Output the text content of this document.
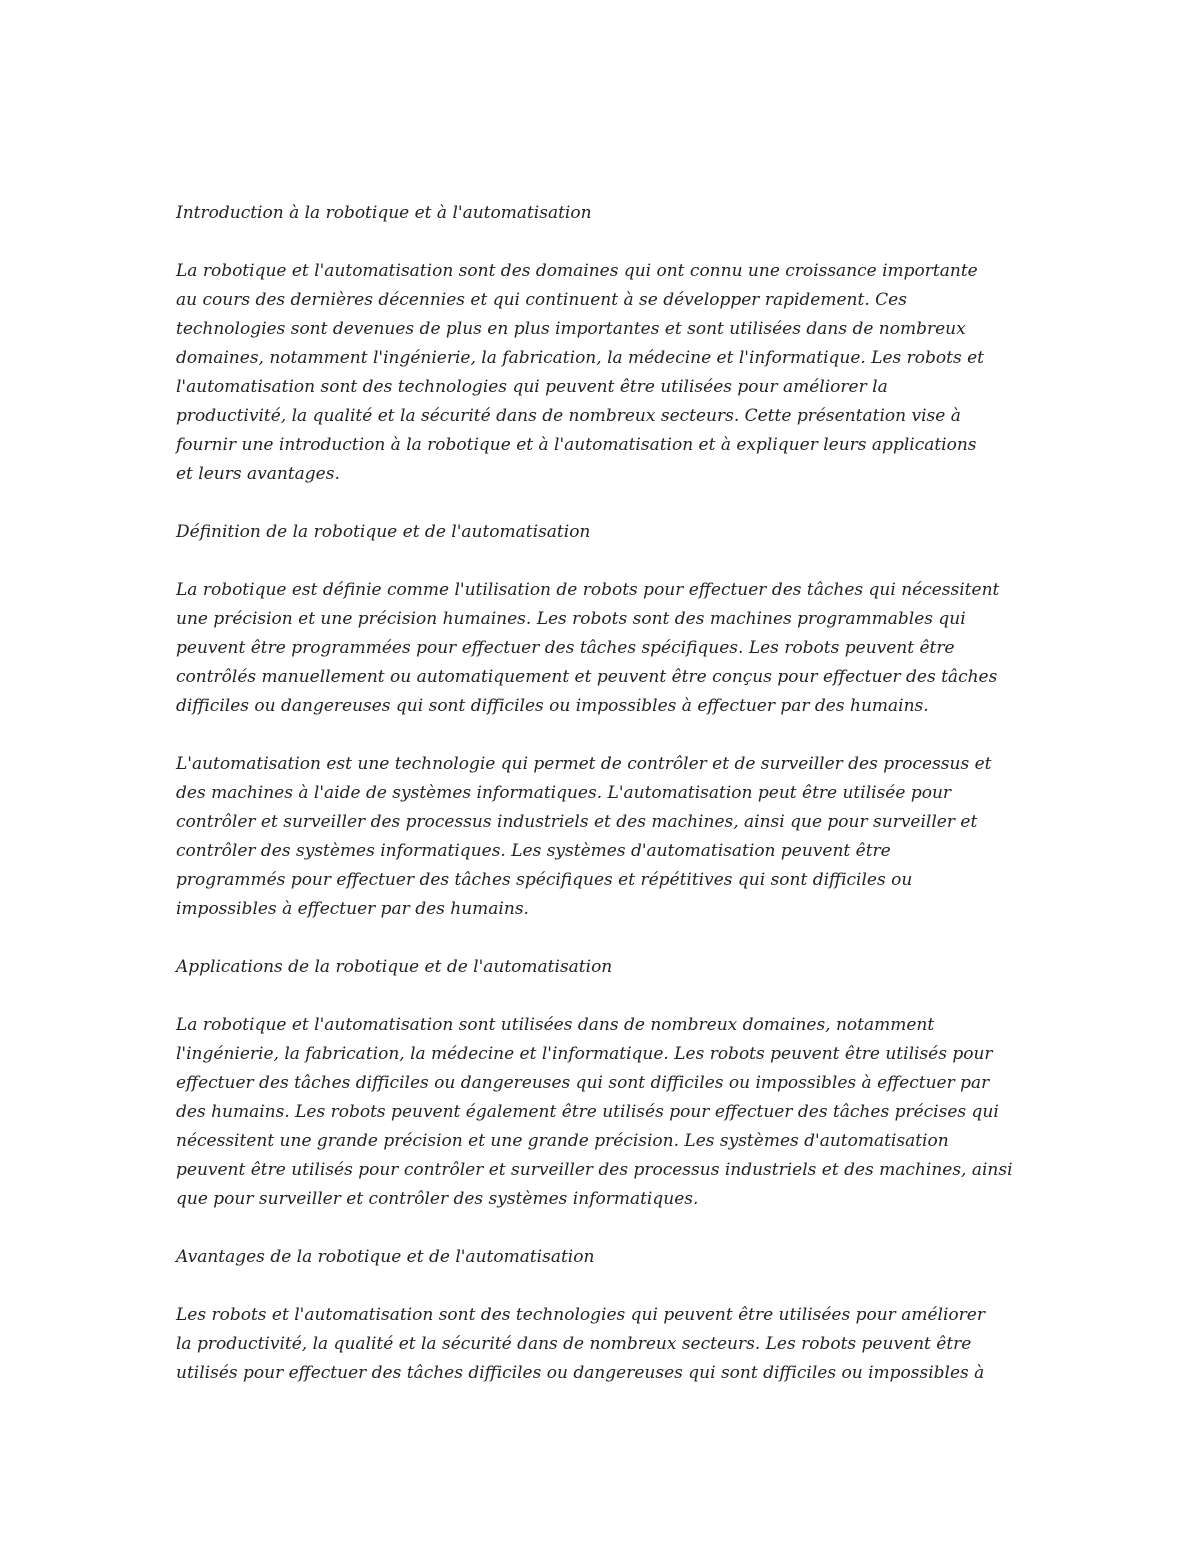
Introduction à la robotique et à l'automatisation
La robotique et l'automatisation sont des domaines qui ont connu une croissance importante
au cours des dernières décennies et qui continuent à se développer rapidement. Ces
technologies sont devenues de plus en plus importantes et sont utilisées dans de nombreux
domaines, notamment l'ingénierie, la fabrication, la médecine et l'informatique. Les robots et
l'automatisation sont des technologies qui peuvent être utilisées pour améliorer la
productivité, la qualité et la sécurité dans de nombreux secteurs. Cette présentation vise à
fournir une introduction à la robotique et à l'automatisation et à expliquer leurs applications
et leurs avantages.
Définition de la robotique et de l'automatisation
La robotique est définie comme l'utilisation de robots pour effectuer des tâches qui nécessitent
une précision et une précision humaines. Les robots sont des machines programmables qui
peuvent être programmées pour effectuer des tâches spécifiques. Les robots peuvent être
contrôlés manuellement ou automatiquement et peuvent être conçus pour effectuer des tâches
difficiles ou dangereuses qui sont difficiles ou impossibles à effectuer par des humains.
L'automatisation est une technologie qui permet de contrôler et de surveiller des processus et
des machines à l'aide de systèmes informatiques. L'automatisation peut être utilisée pour
contrôler et surveiller des processus industriels et des machines, ainsi que pour surveiller et
contrôler des systèmes informatiques. Les systèmes d'automatisation peuvent être
programmés pour effectuer des tâches spécifiques et répétitives qui sont difficiles ou
impossibles à effectuer par des humains.
Applications de la robotique et de l'automatisation
La robotique et l'automatisation sont utilisées dans de nombreux domaines, notamment
l'ingénierie, la fabrication, la médecine et l'informatique. Les robots peuvent être utilisés pour
effectuer des tâches difficiles ou dangereuses qui sont difficiles ou impossibles à effectuer par
des humains. Les robots peuvent également être utilisés pour effectuer des tâches précises qui
nécessitent une grande précision et une grande précision. Les systèmes d'automatisation
peuvent être utilisés pour contrôler et surveiller des processus industriels et des machines, ainsi
que pour surveiller et contrôler des systèmes informatiques.
Avantages de la robotique et de l'automatisation
Les robots et l'automatisation sont des technologies qui peuvent être utilisées pour améliorer
la productivité, la qualité et la sécurité dans de nombreux secteurs. Les robots peuvent être
utilisés pour effectuer des tâches difficiles ou dangereuses qui sont difficiles ou impossibles à
